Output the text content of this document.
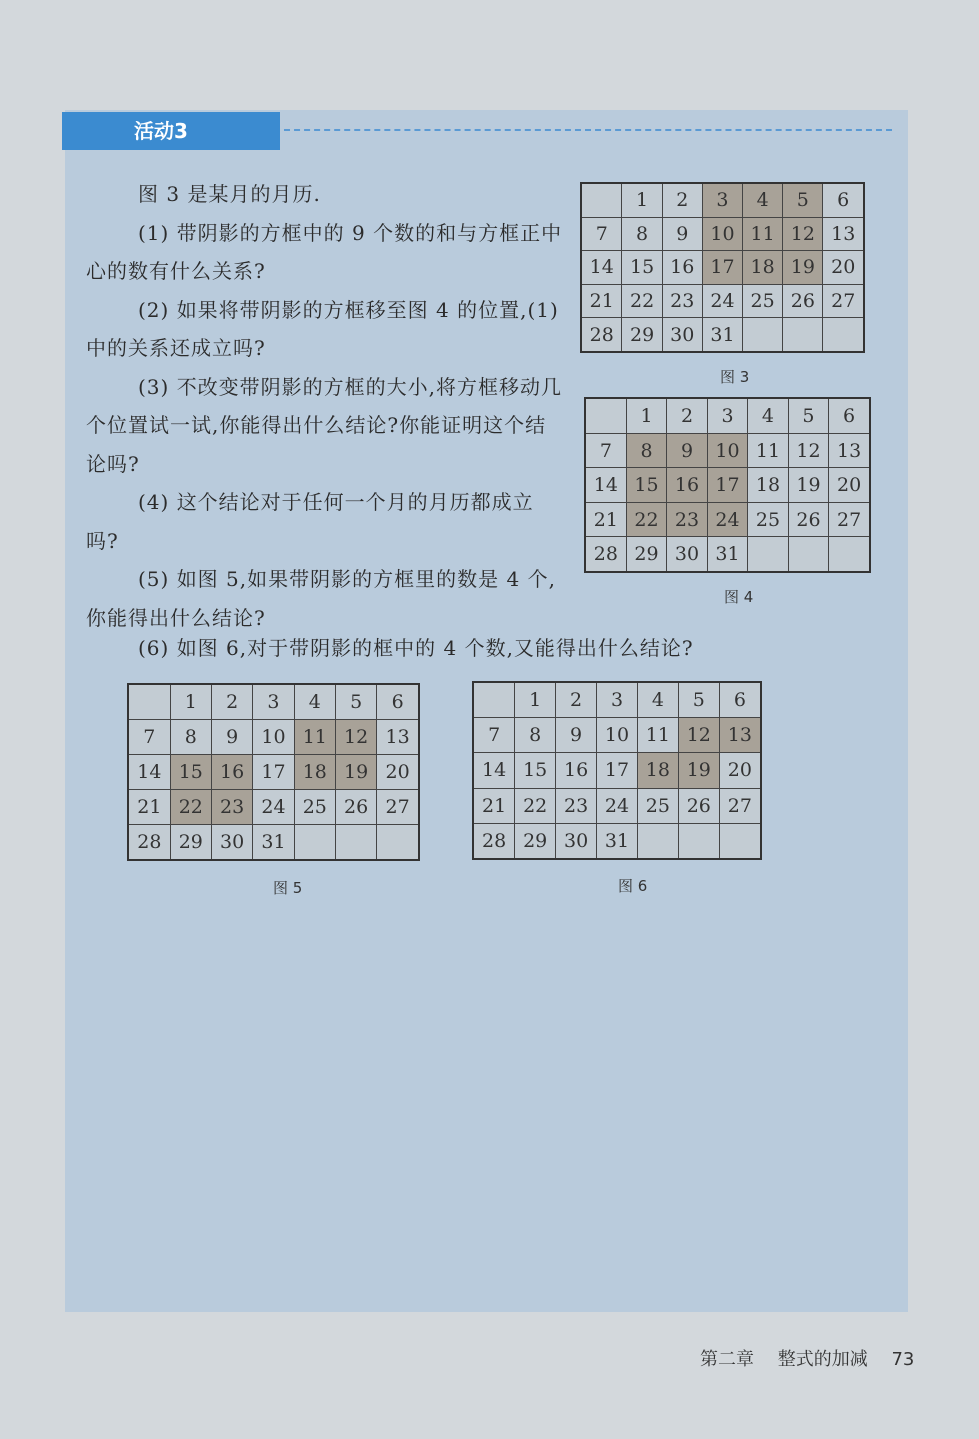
活动3

图 3 是某月的月历.

(1) 带阴影的方框中的 9 个数的和与方框正中心的数有什么关系?

(2) 如果将带阴影的方框移至图 4 的位置,(1) 中的关系还成立吗?

(3) 不改变带阴影的方框的大小,将方框移动几个位置试一试,你能得出什么结论?你能证明这个结论吗?

(4) 这个结论对于任何一个月的月历都成立吗?

(5) 如图 5,如果带阴影的方框里的数是 4 个,你能得出什么结论?

(6) 如图 6,对于带阴影的框中的 4 个数,又能得出什么结论?
	1	2	3	4	5	6
7	8	9	10	11	12	13
14	15	16	17	18	19	20
21	22	23	24	25	26	27
28	29	30	31			
图 3
	1	2	3	4	5	6
7	8	9	10	11	12	13
14	15	16	17	18	19	20
21	22	23	24	25	26	27
28	29	30	31			
图 4
	1	2	3	4	5	6
7	8	9	10	11	12	13
14	15	16	17	18	19	20
21	22	23	24	25	26	27
28	29	30	31			
图 5
	1	2	3	4	5	6
7	8	9	10	11	12	13
14	15	16	17	18	19	20
21	22	23	24	25	26	27
28	29	30	31			
图 6
第二章 整式的加减 73
